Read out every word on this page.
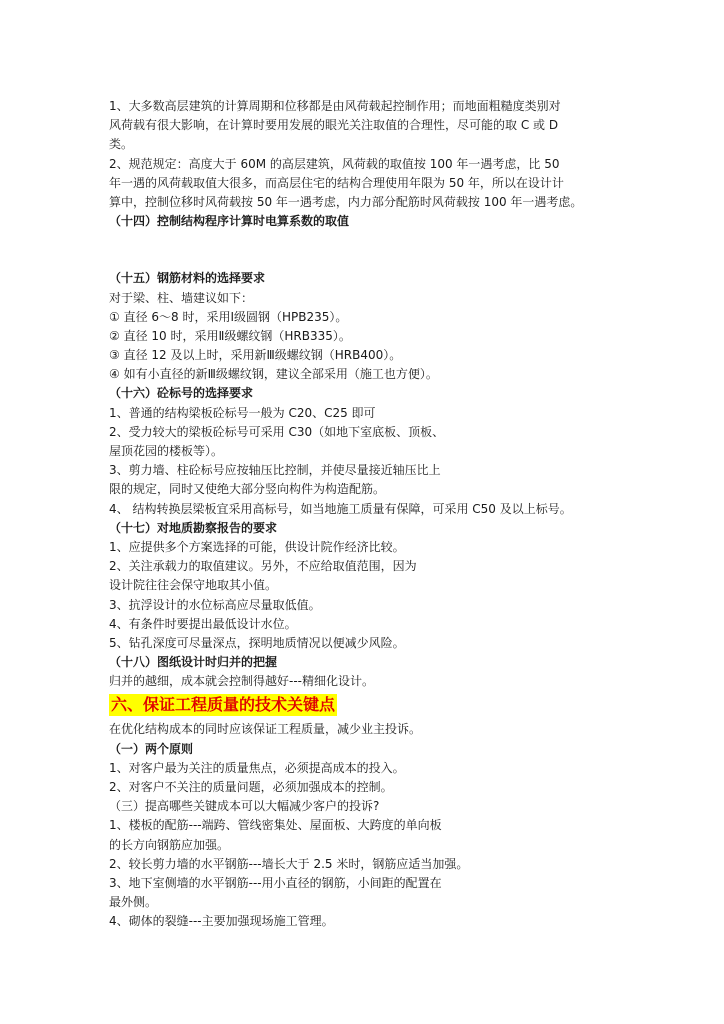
1、大多数高层建筑的计算周期和位移都是由风荷载起控制作用；而地面粗糙度类别对
风荷载有很大影响，在计算时要用发展的眼光关注取值的合理性，尽可能的取 C 或 D
类。
2、规范规定：高度大于 60M 的高层建筑，风荷载的取值按 100 年一遇考虑，比 50
年一遇的风荷载取值大很多，而高层住宅的结构合理使用年限为 50 年，所以在设计计
算中，控制位移时风荷载按 50 年一遇考虑，内力部分配筋时风荷载按 100 年一遇考虑。
（十四）控制结构程序计算时电算系数的取值
（十五）钢筋材料的选择要求
对于梁、柱、墙建议如下：
① 直径 6～8 时，采用Ⅰ级圆钢（HPB235）。
② 直径 10 时，采用Ⅱ级螺纹钢（HRB335）。
③ 直径 12 及以上时，采用新Ⅲ级螺纹钢（HRB400）。
④ 如有小直径的新Ⅲ级螺纹钢，建议全部采用（施工也方便）。
（十六）砼标号的选择要求
1、普通的结构梁板砼标号一般为 C20、C25 即可
2、受力较大的梁板砼标号可采用 C30（如地下室底板、顶板、
屋顶花园的楼板等）。
3、剪力墙、柱砼标号应按轴压比控制，并使尽量接近轴压比上
限的规定，同时又使绝大部分竖向构件为构造配筋。
4、 结构转换层梁板宜采用高标号，如当地施工质量有保障，可采用 C50 及以上标号。
（十七）对地质勘察报告的要求
1、应提供多个方案选择的可能，供设计院作经济比较。
2、关注承载力的取值建议。另外，不应给取值范围，因为
设计院往往会保守地取其小值。
3、抗浮设计的水位标高应尽量取低值。
4、有条件时要提出最低设计水位。
5、钻孔深度可尽量深点，探明地质情况以便减少风险。
（十八）图纸设计时归并的把握
归并的越细，成本就会控制得越好---精细化设计。
六、保证工程质量的技术关键点
在优化结构成本的同时应该保证工程质量，减少业主投诉。
（一）两个原则
1、对客户最为关注的质量焦点，必须提高成本的投入。
2、对客户不关注的质量问题，必须加强成本的控制。
（三）提高哪些关键成本可以大幅减少客户的投诉?
1、楼板的配筋---端跨、管线密集处、屋面板、大跨度的单向板
的长方向钢筋应加强。
2、较长剪力墙的水平钢筋---墙长大于 2.5 米时，钢筋应适当加强。
3、地下室侧墙的水平钢筋---用小直径的钢筋，小间距的配置在
最外侧。
4、砌体的裂缝---主要加强现场施工管理。
